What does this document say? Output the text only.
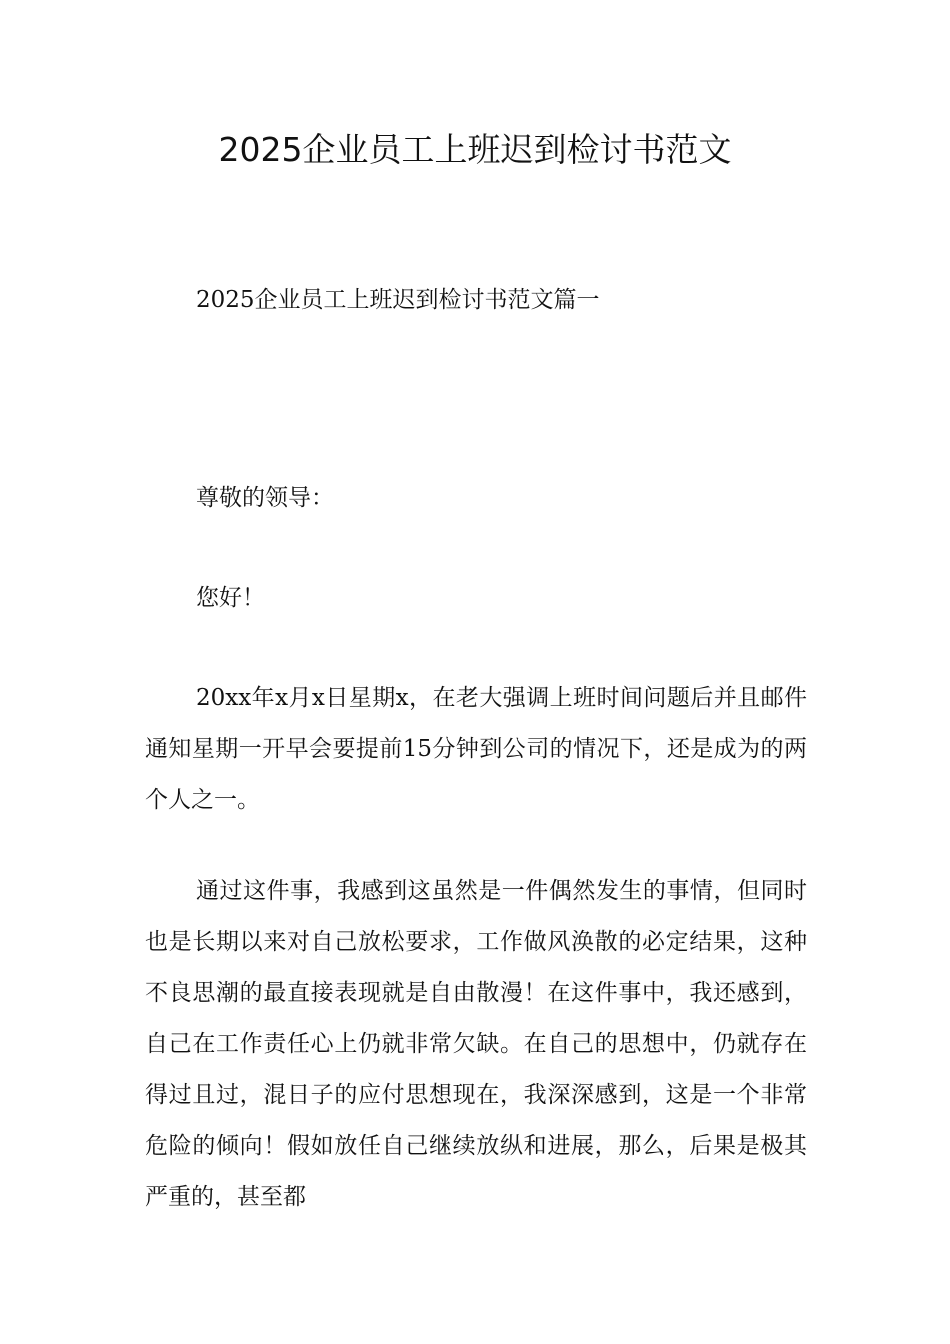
2025企业员工上班迟到检讨书范文

2025企业员工上班迟到检讨书范文篇一

尊敬的领导：

您好！

20xx年x月x日星期x，在老大强调上班时间问题后并且邮件通知星期一开早会要提前15分钟到公司的情况下，还是成为的两个人之一。

通过这件事，我感到这虽然是一件偶然发生的事情，但同时也是长期以来对自己放松要求，工作做风涣散的必定结果，这种不良思潮的最直接表现就是自由散漫！在这件事中，我还感到，自己在工作责任心上仍就非常欠缺。在自己的思想中，仍就存在得过且过，混日子的应付思想现在，我深深感到，这是一个非常危险的倾向！假如放任自己继续放纵和进展，那么，后果是极其严重的，甚至都
